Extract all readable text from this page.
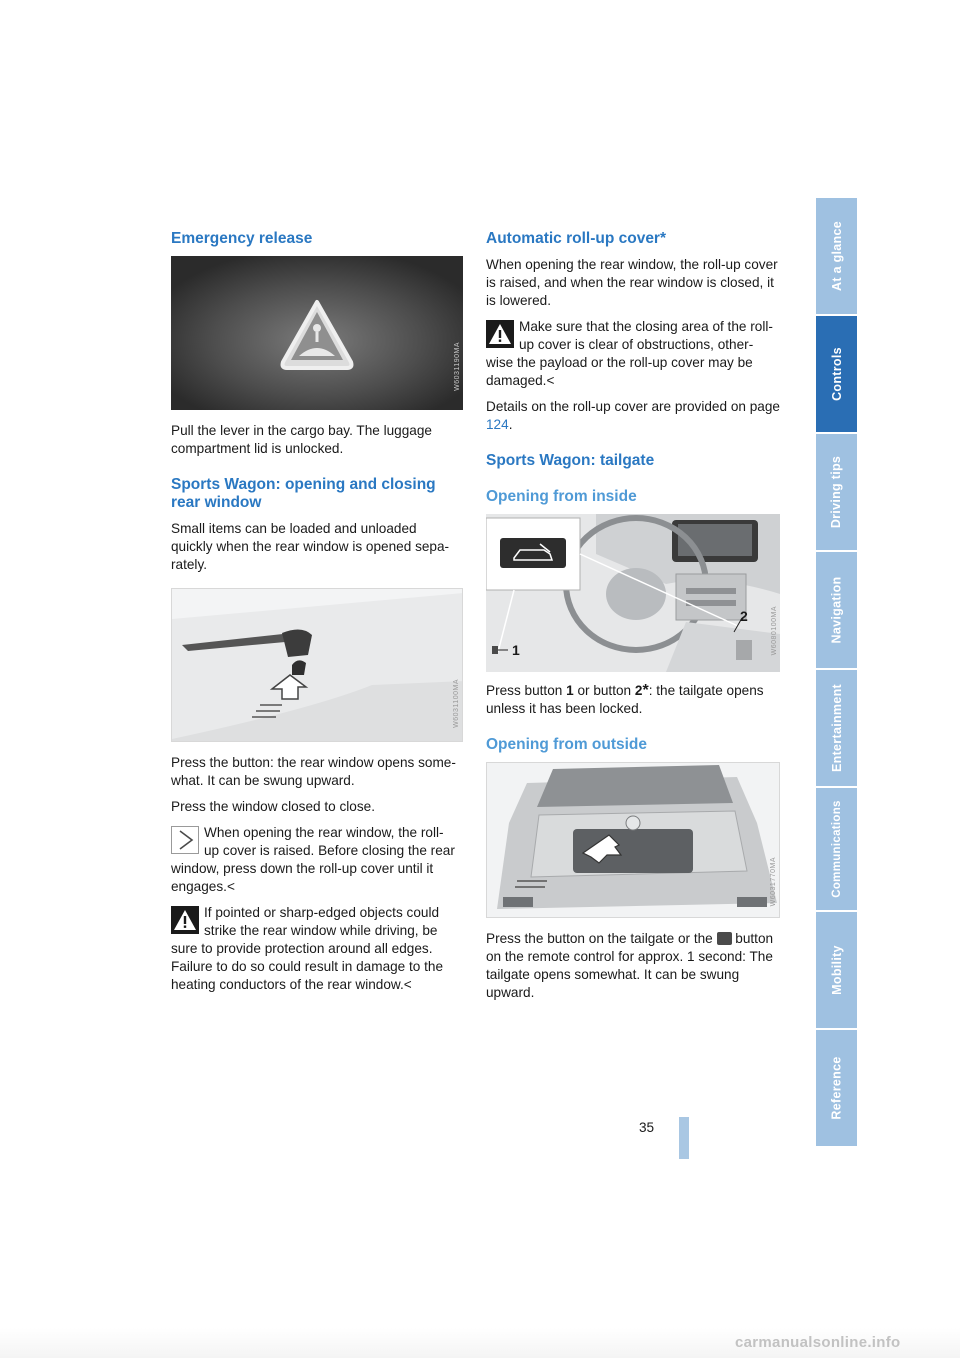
Emergency release
W6031190MA

Pull the lever in the cargo bay. The luggage compartment lid is unlocked.

Sports Wagon: opening and closing rear window

Small items can be loaded and unloaded
quickly when the rear window is opened sepa-
rately.

W6031100MA

Press the button: the rear window opens some-
what. It can be swung upward.

Press the window closed to close.

When opening the rear window, the roll-
up cover is raised. Before closing the rear

window, press down the roll-up cover until it engages.<

If pointed or sharp-edged objects could
strike the rear window while driving, be

sure to provide protection around all edges. Failure to do so could result in damage to the heating conductors of the rear window.<

Automatic roll-up cover*

When opening the rear window, the roll-up cover is raised, and when the rear window is closed, it is lowered.

Make sure that the closing area of the roll-
up cover is clear of obstructions, other-

wise the payload or the roll-up cover may be damaged.<

Details on the roll-up cover are provided on page 124.

Sports Wagon: tailgate
Opening from inside
1
2	W6080100MA

Press button 1 or button 2*: the tailgate opens unless it has been locked.

Opening from outside
W6031770MA

Press the button on the tailgate or the button on the remote control for approx. 1 second: The tailgate opens somewhat. It can be swung upward.

At a glance
Controls
Driving tips
Navigation
Entertainment
Communications
Mobility
Reference
35
carmanualsonline.info
